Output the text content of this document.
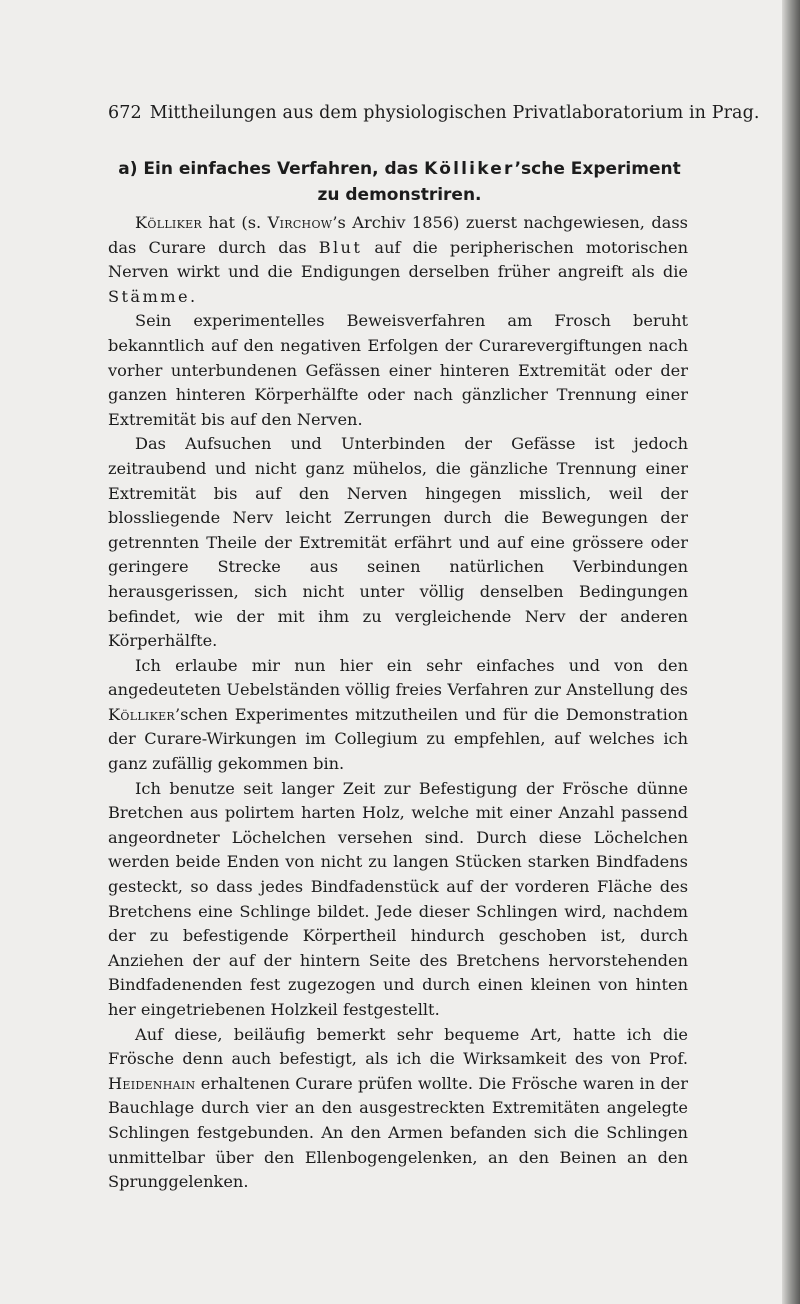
672 Mittheilungen aus dem physiologischen Privatlaboratorium in Prag.
a) Ein einfaches Verfahren, das Kölliker’sche Experiment zu demonstriren.

Kölliker hat (s. Virchow’s Archiv 1856) zuerst nachgewiesen, dass das Curare durch das Blut auf die peripherischen motorischen Nerven wirkt und die Endigungen derselben früher angreift als die Stämme.

Sein experimentelles Beweisverfahren am Frosch beruht bekanntlich auf den negativen Erfolgen der Curarevergiftungen nach vorher unterbundenen Gefässen einer hinteren Extremität oder der ganzen hinteren Körperhälfte oder nach gänzlicher Trennung einer Extremität bis auf den Nerven.

Das Aufsuchen und Unterbinden der Gefässe ist jedoch zeitraubend und nicht ganz mühelos, die gänzliche Trennung einer Extremität bis auf den Nerven hingegen misslich, weil der blossliegende Nerv leicht Zerrungen durch die Bewegungen der getrennten Theile der Extremität erfährt und auf eine grössere oder geringere Strecke aus seinen natürlichen Verbindungen herausgerissen, sich nicht unter völlig denselben Bedingungen befindet, wie der mit ihm zu vergleichende Nerv der anderen Körperhälfte.

Ich erlaube mir nun hier ein sehr einfaches und von den angedeuteten Uebelständen völlig freies Verfahren zur Anstellung des Kölliker’schen Experimentes mitzutheilen und für die Demonstration der Curare-Wirkungen im Collegium zu empfehlen, auf welches ich ganz zufällig gekommen bin.

Ich benutze seit langer Zeit zur Befestigung der Frösche dünne Bretchen aus polirtem harten Holz, welche mit einer Anzahl passend angeordneter Löchelchen versehen sind. Durch diese Löchelchen werden beide Enden von nicht zu langen Stücken starken Bindfadens gesteckt, so dass jedes Bindfadenstück auf der vorderen Fläche des Bretchens eine Schlinge bildet. Jede dieser Schlingen wird, nachdem der zu befestigende Körpertheil hindurch geschoben ist, durch Anziehen der auf der hintern Seite des Bretchens hervorstehenden Bindfadenenden fest zugezogen und durch einen kleinen von hinten her eingetriebenen Holzkeil festgestellt.

Auf diese, beiläufig bemerkt sehr bequeme Art, hatte ich die Frösche denn auch befestigt, als ich die Wirksamkeit des von Prof. Heidenhain erhaltenen Curare prüfen wollte. Die Frösche waren in der Bauchlage durch vier an den ausgestreckten Extremitäten angelegte Schlingen festgebunden. An den Armen befanden sich die Schlingen unmittelbar über den Ellenbogengelenken, an den Beinen an den Sprunggelenken.
